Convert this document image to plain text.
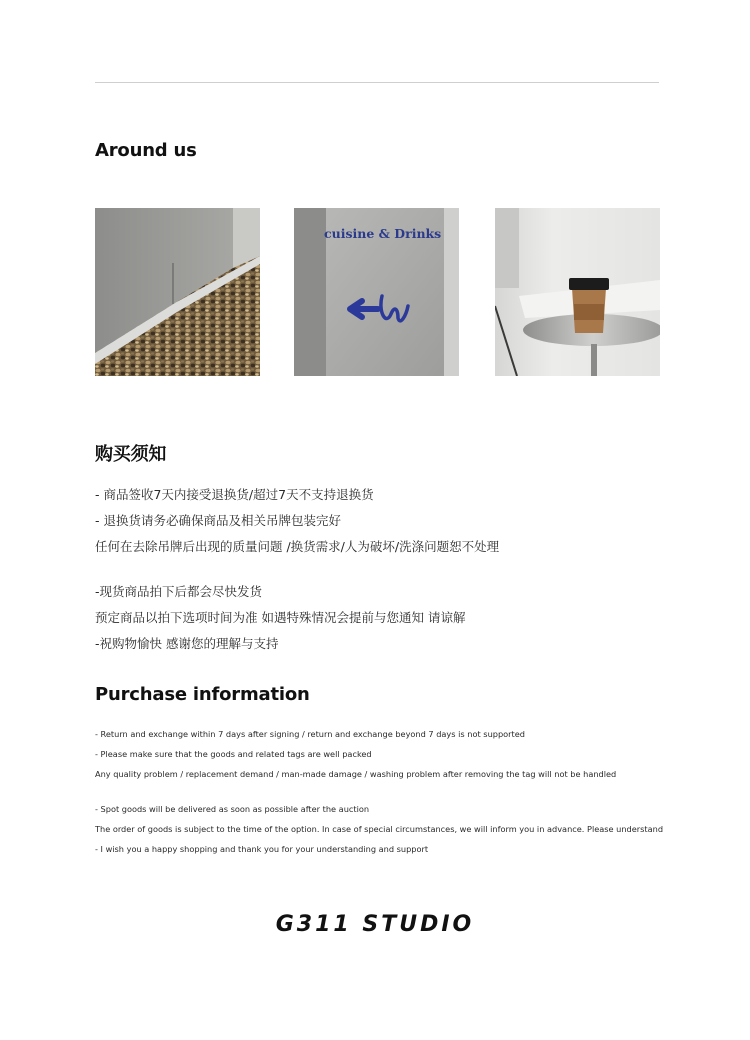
Around us
cuisine & Drinks
购买须知
- 商品签收7天内接受退换货/超过7天不支持退换货
- 退换货请务必确保商品及相关吊牌包装完好
任何在去除吊牌后出现的质量问题 /换货需求/人为破坏/洗涤问题恕不处理
-现货商品拍下后都会尽快发货
预定商品以拍下选项时间为准 如遇特殊情况会提前与您通知 请谅解
-祝购物愉快 感谢您的理解与支持
Purchase information
- Return and exchange within 7 days after signing / return and exchange beyond 7 days is not supported
- Please make sure that the goods and related tags are well packed
Any quality problem / replacement demand / man-made damage / washing problem after removing the tag will not be handled
- Spot goods will be delivered as soon as possible after the auction
The order of goods is subject to the time of the option. In case of special circumstances, we will inform you in advance. Please understand
- I wish you a happy shopping and thank you for your understanding and support
G311 STUDIO
